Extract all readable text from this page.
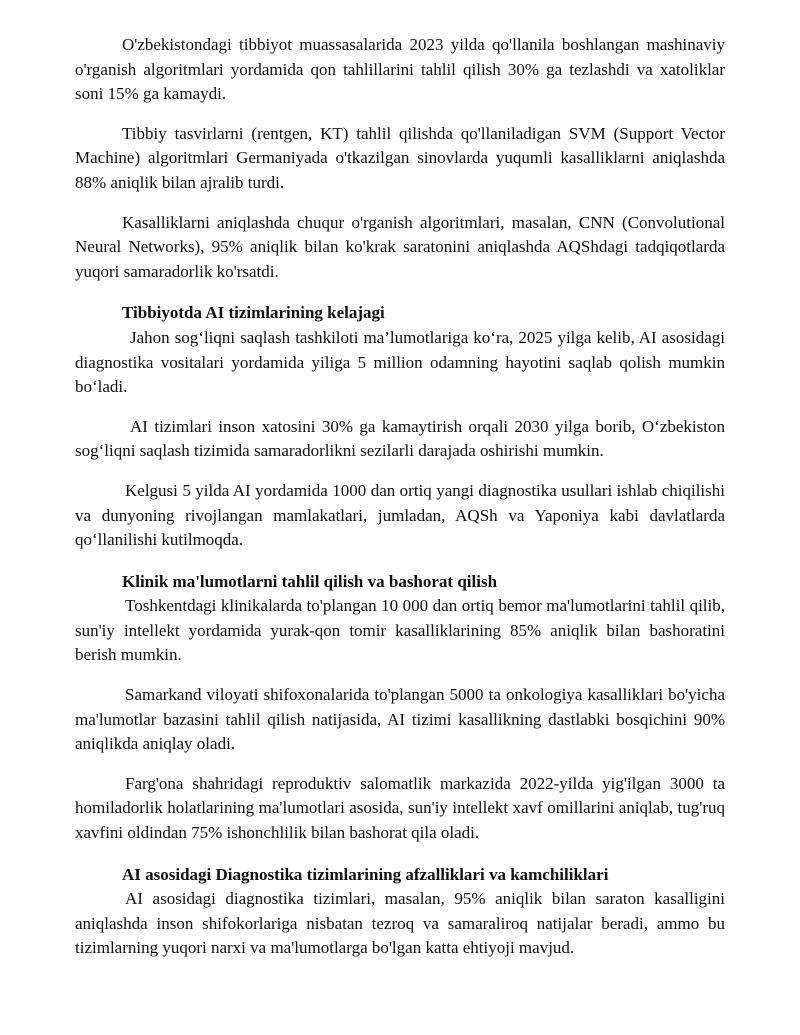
O'zbekistondagi tibbiyot muassasalarida 2023 yilda qo'llanila boshlangan mashinaviy o'rganish algoritmlari yordamida qon tahlillarini tahlil qilish 30% ga tezlashdi va xatoliklar soni 15% ga kamaydi.

Tibbiy tasvirlarni (rentgen, KT) tahlil qilishda qo'llaniladigan SVM (Support Vector Machine) algoritmlari Germaniyada o'tkazilgan sinovlarda yuqumli kasalliklarni aniqlashda 88% aniqlik bilan ajralib turdi.

Kasalliklarni aniqlashda chuqur o'rganish algoritmlari, masalan, CNN (Convolutional Neural Networks), 95% aniqlik bilan ko'krak saratonini aniqlashda AQShdagi tadqiqotlarda yuqori samaradorlik ko'rsatdi.

Tibbiyotda AI tizimlarining kelajagi

Jahon sog‘liqni saqlash tashkiloti ma’lumotlariga ko‘ra, 2025 yilga kelib, AI asosidagi diagnostika vositalari yordamida yiliga 5 million odamning hayotini saqlab qolish mumkin bo‘ladi.

AI tizimlari inson xatosini 30% ga kamaytirish orqali 2030 yilga borib, O‘zbekiston sog‘liqni saqlash tizimida samaradorlikni sezilarli darajada oshirishi mumkin.

Kelgusi 5 yilda AI yordamida 1000 dan ortiq yangi diagnostika usullari ishlab chiqilishi va dunyoning rivojlangan mamlakatlari, jumladan, AQSh va Yaponiya kabi davlatlarda qo‘llanilishi kutilmoqda.

Klinik ma'lumotlarni tahlil qilish va bashorat qilish

Toshkentdagi klinikalarda to'plangan 10 000 dan ortiq bemor ma'lumotlarini tahlil qilib, sun'iy intellekt yordamida yurak-qon tomir kasalliklarining 85% aniqlik bilan bashoratini berish mumkin.

Samarkand viloyati shifoxonalarida to'plangan 5000 ta onkologiya kasalliklari bo'yicha ma'lumotlar bazasini tahlil qilish natijasida, AI tizimi kasallikning dastlabki bosqichini 90% aniqlikda aniqlay oladi.

Farg'ona shahridagi reproduktiv salomatlik markazida 2022-yilda yig'ilgan 3000 ta homiladorlik holatlarining ma'lumotlari asosida, sun'iy intellekt xavf omillarini aniqlab, tug'ruq xavfini oldindan 75% ishonchlilik bilan bashorat qila oladi.

AI asosidagi Diagnostika tizimlarining afzalliklari va kamchiliklari

AI asosidagi diagnostika tizimlari, masalan, 95% aniqlik bilan saraton kasalligini aniqlashda inson shifokorlariga nisbatan tezroq va samaraliroq natijalar beradi, ammo bu tizimlarning yuqori narxi va ma'lumotlarga bo'lgan katta ehtiyoji mavjud.
